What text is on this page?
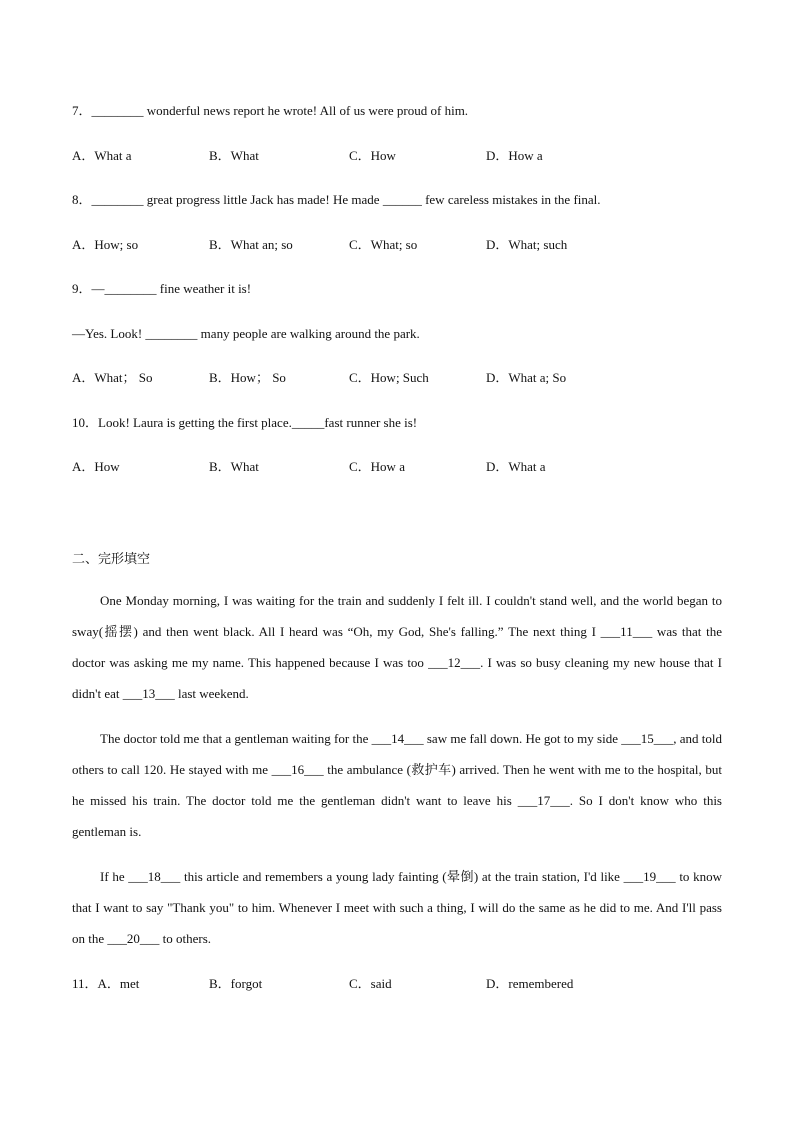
7．________ wonderful news report he wrote! All of us were proud of him.
A．What a	B．What	C．How	D．How a
8．________ great progress little Jack has made! He made ______ few careless mistakes in the final.
A．How; so	B．What an; so	C．What; so	D．What; such
9．—________ fine weather it is!
—Yes. Look! ________ many people are walking around the park.
A．What； So	B．How； So	C．How; Such	D．What a; So
10．Look! Laura is getting the first place._____fast runner she is!
A．How	B．What	C．How a	D．What a
二、完形填空
One Monday morning, I was waiting for the train and suddenly I felt ill. I couldn't stand well, and the world began to sway(摇摆) and then went black. All I heard was “Oh, my God, She's falling.” The next thing I ___11___ was that the doctor was asking me my name. This happened because I was too ___12___. I was so busy cleaning my new house that I didn't eat ___13___ last weekend.
The doctor told me that a gentleman waiting for the ___14___ saw me fall down. He got to my side ___15___, and told others to call 120. He stayed with me ___16___ the ambulance (救护车) arrived. Then he went with me to the hospital, but he missed his train. The doctor told me the gentleman didn't want to leave his ___17___. So I don't know who this gentleman is.
If he ___18___ this article and remembers a young lady fainting (晕倒) at the train station, I'd like ___19___ to know that I want to say "Thank you" to him. Whenever I meet with such a thing, I will do the same as he did to me. And I'll pass on the ___20___ to others.
11．A．met	B．forgot	C．said	D．remembered
